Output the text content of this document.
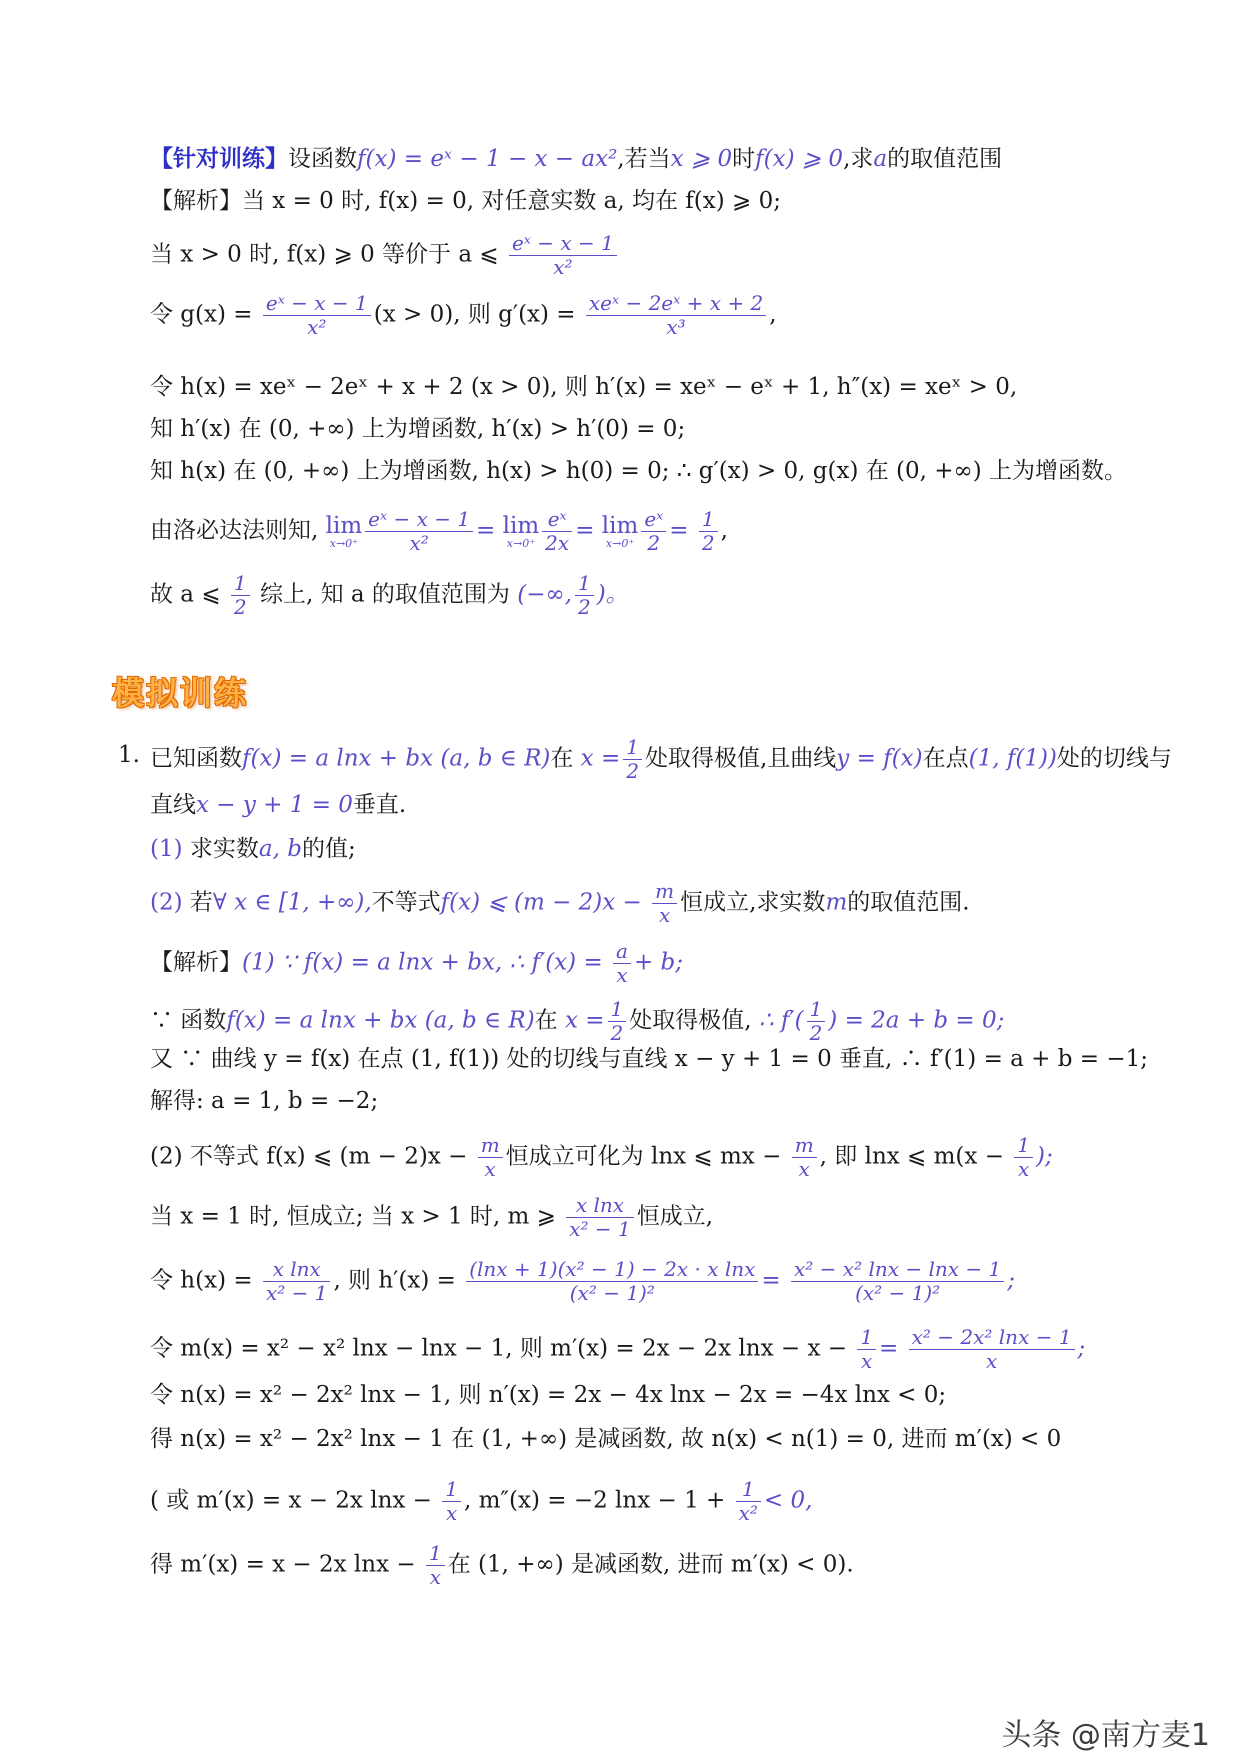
【针对训练】设函数f(x) = eˣ − 1 − x − ax²,若当x ⩾ 0时f(x) ⩾ 0,求a的取值范围
【解析】当 x = 0 时, f(x) = 0, 对任意实数 a, 均在 f(x) ⩾ 0;
当 x > 0 时, f(x) ⩾ 0 等价于 a ⩽ $\frac{\text{eˣ − x − 1}}{\text{x²}}$
令 $g(x) = \frac{\text{eˣ − x − 1}}{\text{x²}} (x > 0)$, 则 $g'(x) = \frac{\text{xeˣ − 2eˣ + x + 2}}{\text{x³}}$ ,
令 h(x) = xeˣ − 2eˣ + x + 2 (x > 0), 则 h′(x) = xeˣ − eˣ + 1, h″(x) = xeˣ > 0,
知 h′(x) 在 (0, +∞) 上为增函数, h′(x) > h′(0) = 0;
知 h(x) 在 (0, +∞) 上为增函数, h(x) > h(0) = 0; ∴ g′(x) > 0, g(x) 在 (0, +∞) 上为增函数。
由洛必达法则知, lim
$x\to 0^+ \frac{\text{eˣ − x − 1}}{\text{x²}} = \lim$
$x\to 0^+ \frac{\text{eˣ}}{2x} = \lim$
$x\to 0^+ \frac{\text{eˣ}}{2} = \frac{1}{2}$ ,
故 a ⩽ $\frac{1}{2}$ 综上, 知 a 的取值范围为 (−∞, $\frac{1}{2}$ )。
模拟训练
1. 已知函数f(x) = a lnx + bx (a, b ∈ R)在 $x = \frac{1}{2}$ 处取得极值,且曲线y = f(x)在点(1, f(1))处的切线与
直线x − y + 1 = 0垂直.
(1) 求实数a, b的值;
(2) 若∀ x ∈ [1, +∞),不等式f(x) ⩽ $(m - 2)x - \frac{m}{x}$ 恒成立,求实数m的取值范围.
【解析】(1) ∵ f(x) = a lnx + bx, ∴ $f'(x) = \frac{a}{x} + b$;
∵ 函数f(x) = a lnx + bx (a, b ∈ R)在 $x = \frac{1}{2}$ 处取得极值, ∴ $f'( \frac{1}{2}$ ) = 2a + b = 0;
又 ∵ 曲线 y = f(x) 在点 (1, f(1)) 处的切线与直线 x − y + 1 = 0 垂直, ∴ f′(1) = a + b = −1;
解得: a = 1, b = −2;
(2) 不等式 f(x) ⩽ $(m - 2)x - \frac{m}{x}$ 恒成立可化为 lnx ⩽ mx − $\frac{m}{x}$ , 即 lnx ⩽ $m(x - \frac{1}{x}$ );
当 x = 1 时, 恒成立; 当 x > 1 时, m ⩾ $\frac{\text{x lnx}}{\text{x² − 1}}$ 恒成立,
令 $h(x) = \frac{\text{x lnx}}{\text{x² − 1}}$ , 则 $h'(x) = \frac{\text{(lnx + 1)(x² − 1) − 2x · x lnx}}{\text{(x² − 1)²}} = \frac{\text{x² − x² lnx − lnx − 1}}{\text{(x² − 1)²}}$ ;
令 m(x) = x² − x² lnx − lnx − 1, 则 m′(x) = 2x − 2x $\ln x - x - \frac{1}{x} = \frac{\text{x² − 2x² lnx − 1}}{x}$ ;
令 n(x) = x² − 2x² lnx − 1, 则 n′(x) = 2x − 4x lnx − 2x = −4x lnx < 0;
得 n(x) = x² − 2x² lnx − 1 在 (1, +∞) 是减函数, 故 n(x) < n(1) = 0, 进而 m′(x) < 0
( 或 m′(x) = x − 2x $\ln x - \frac{1}{x}$ , m″(x) = −2 $\ln x - 1 + \frac{1}{\text{x²}} < 0$,
得 m′(x) = x − 2x $\ln x - \frac{1}{x}$ 在 (1, +∞) 是减函数, 进而 m′(x) < 0).
头条 @南方麦1
